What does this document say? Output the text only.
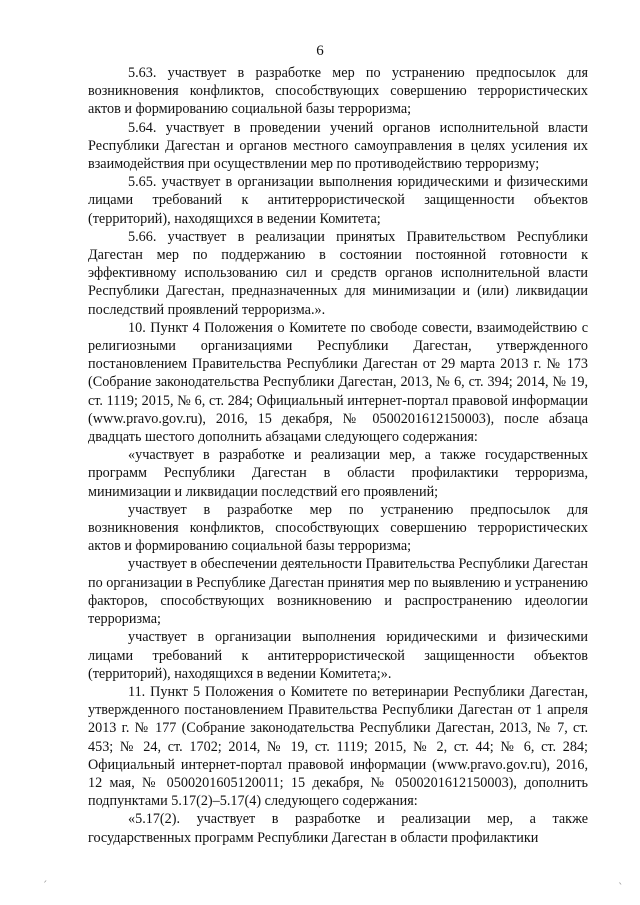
6

5.63. участвует в разработке мер по устранению предпосылок для возникновения конфликтов, способствующих совершению террористических актов и формированию социальной базы терроризма;

5.64. участвует в проведении учений органов исполнительной власти Республики Дагестан и органов местного самоуправления в целях усиления их взаимодействия при осуществлении мер по противодействию терроризму;

5.65. участвует в организации выполнения юридическими и физическими лицами требований к антитеррористической защищенности объектов (территорий), находящихся в ведении Комитета;

5.66. участвует в реализации принятых Правительством Республики Дагестан мер по поддержанию в состоянии постоянной готовности к эффективному использованию сил и средств органов исполнительной власти Республики Дагестан, предназначенных для минимизации и (или) ликвидации последствий проявлений терроризма.».

10. Пункт 4 Положения о Комитете по свободе совести, взаимодействию с религиозными организациями Республики Дагестан, утвержденного постановлением Правительства Республики Дагестан от 29 марта 2013 г. № 173 (Собрание законодательства Республики Дагестан, 2013, № 6, ст. 394; 2014, № 19, ст. 1119; 2015, № 6, ст. 284; Официальный интернет-портал правовой информации (www.pravo.gov.ru), 2016, 15 декабря, № 0500201612150003), после абзаца двадцать шестого дополнить абзацами следующего содержания:

«участвует в разработке и реализации мер, а также государственных программ Республики Дагестан в области профилактики терроризма, минимизации и ликвидации последствий его проявлений;

участвует в разработке мер по устранению предпосылок для возникновения конфликтов, способствующих совершению террористических актов и формированию социальной базы терроризма;

участвует в обеспечении деятельности Правительства Республики Дагестан по организации в Республике Дагестан принятия мер по выявлению и устранению факторов, способствующих возникновению и распространению идеологии терроризма;

участвует в организации выполнения юридическими и физическими лицами требований к антитеррористической защищенности объектов (территорий), находящихся в ведении Комитета;».

11. Пункт 5 Положения о Комитете по ветеринарии Республики Дагестан, утвержденного постановлением Правительства Республики Дагестан от 1 апреля 2013 г. № 177 (Собрание законодательства Республики Дагестан, 2013, № 7, ст. 453; № 24, ст. 1702; 2014, № 19, ст. 1119; 2015, № 2, ст. 44; № 6, ст. 284; Официальный интернет-портал правовой информации (www.pravo.gov.ru), 2016, 12 мая, № 0500201605120011; 15 декабря, № 0500201612150003), дополнить подпунктами 5.17(2)–5.17(4) следующего содержания:

«5.17(2). участвует в разработке и реализации мер, а также государственных программ Республики Дагестан в области профилактики

ˊ	ˋ
